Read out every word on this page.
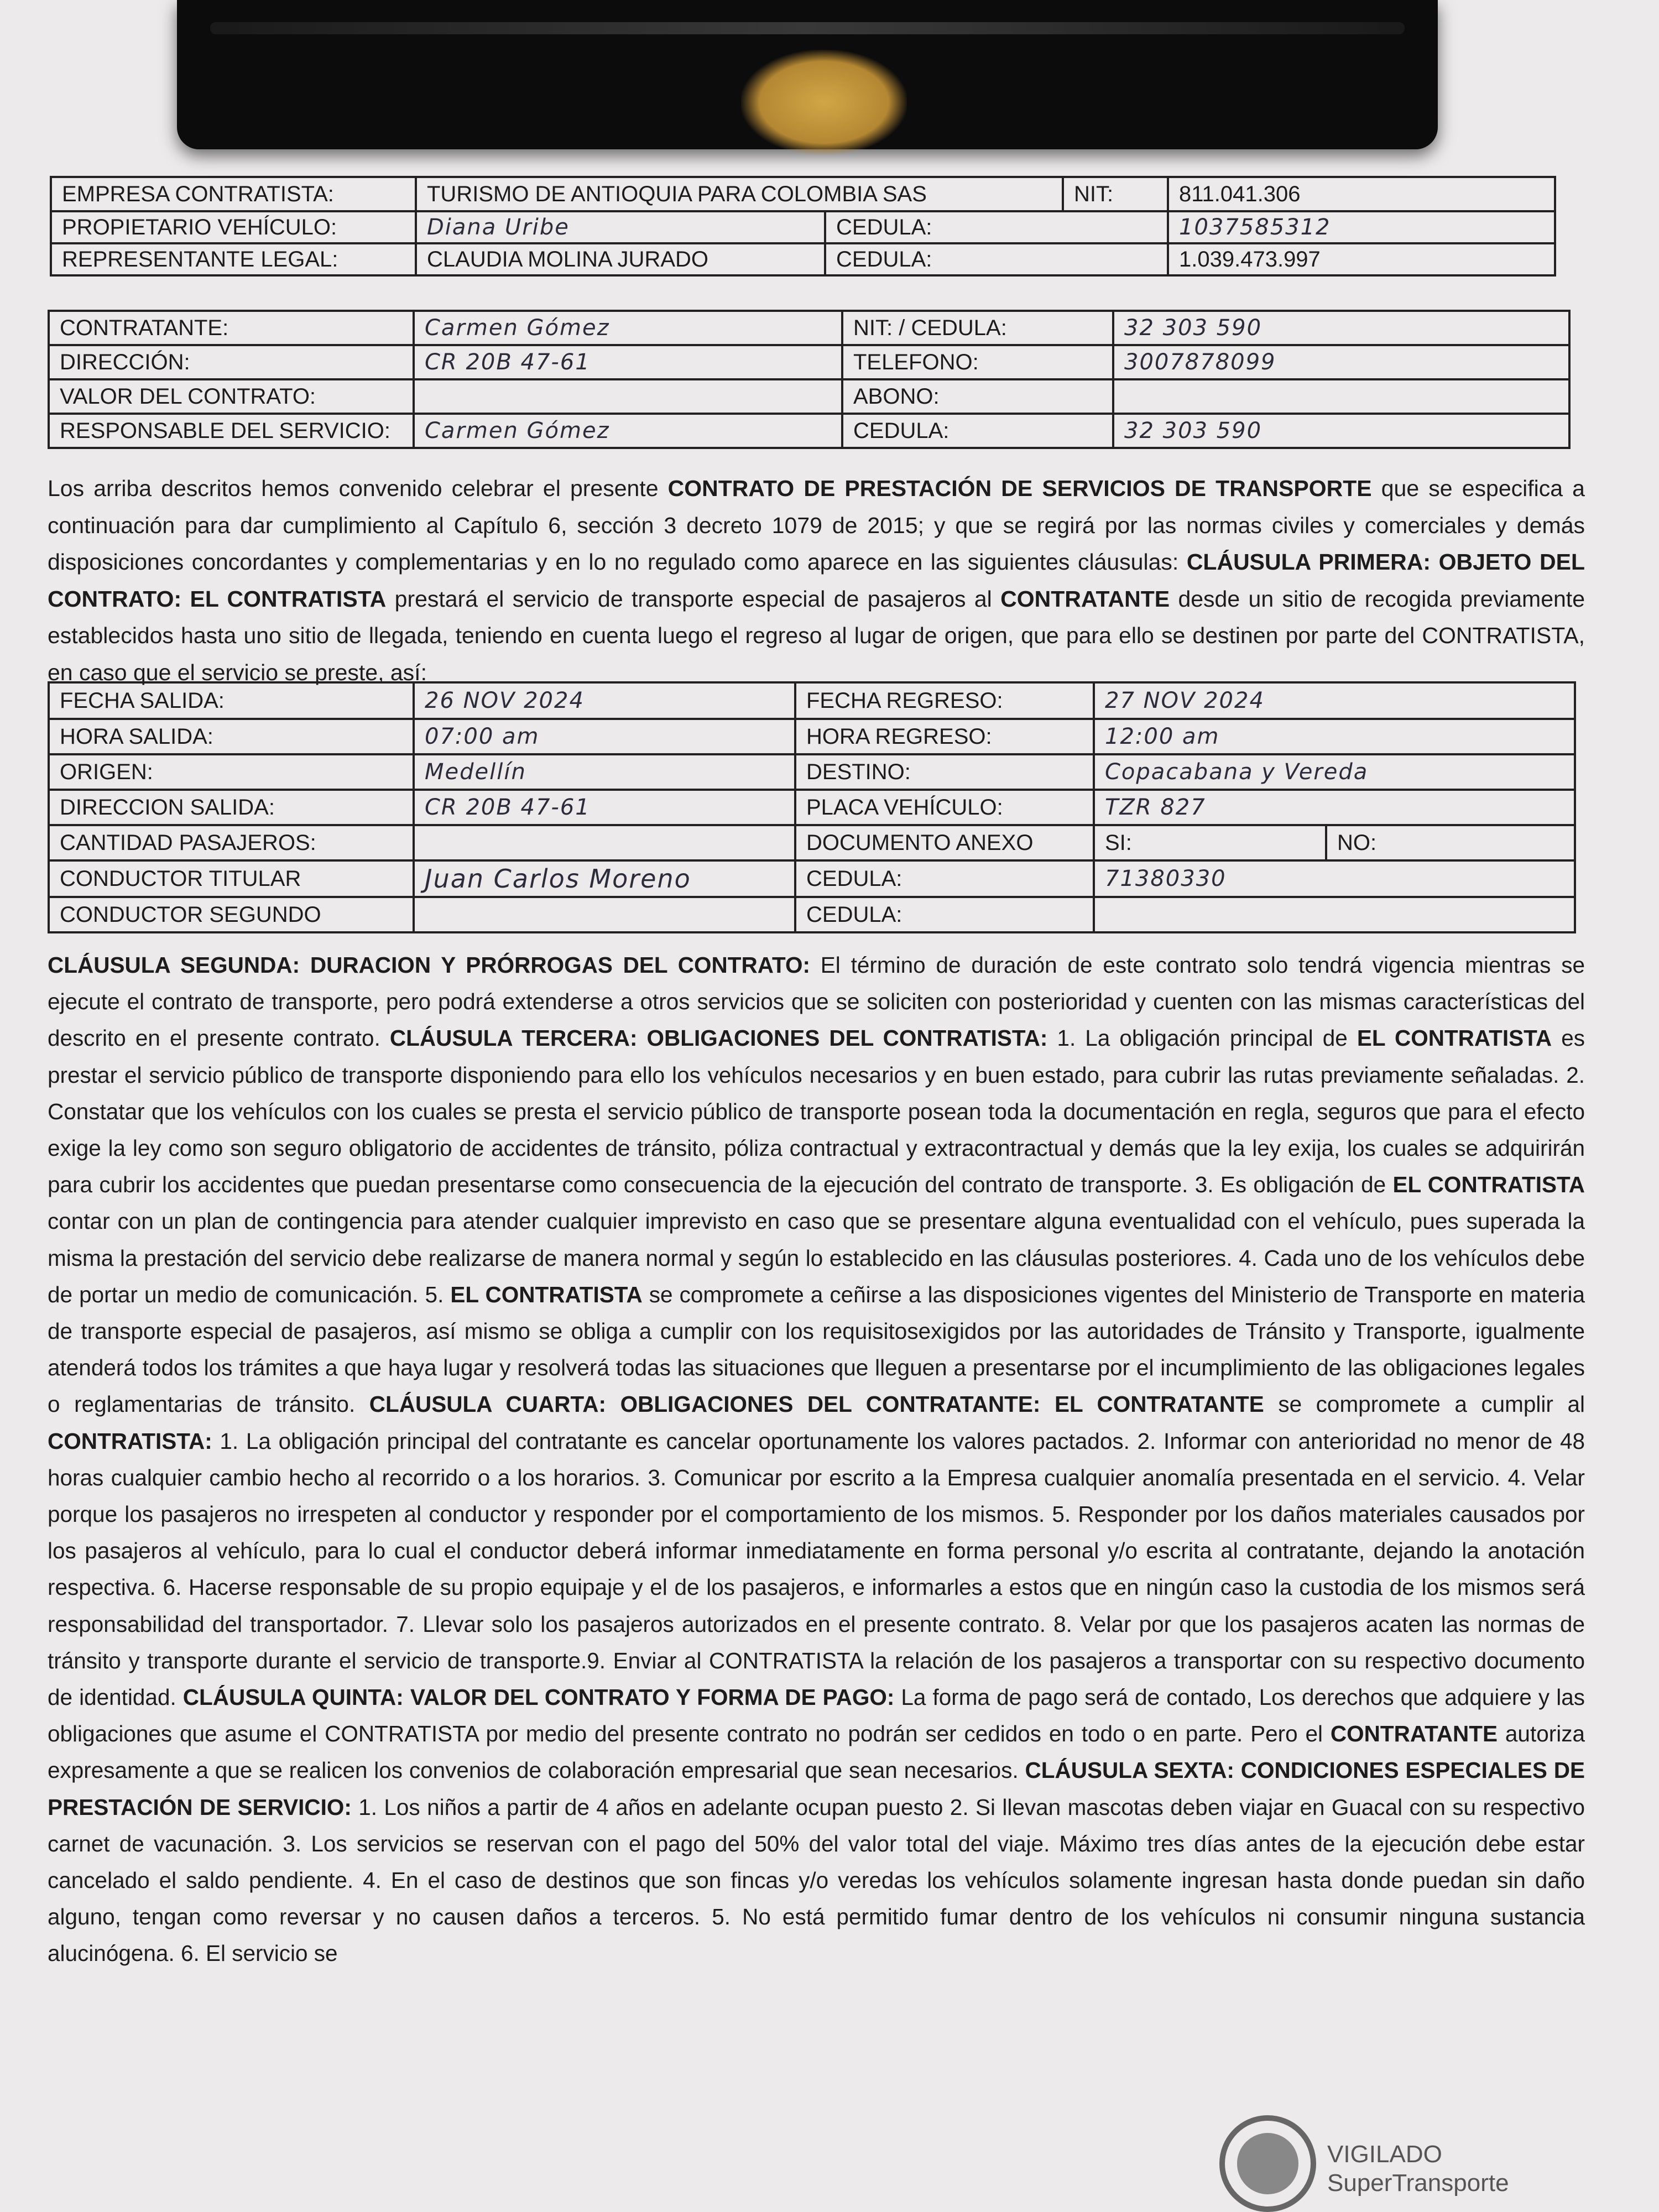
EMPRESA CONTRATISTA:	TURISMO DE ANTIOQUIA PARA COLOMBIA SAS		NIT:	811.041.306
PROPIETARIO VEHÍCULO:	Diana Uribe	CEDULA:		1037585312
REPRESENTANTE LEGAL:	CLAUDIA MOLINA JURADO	CEDULA:		1.039.473.997
CONTRATANTE:	Carmen Gómez	NIT: / CEDULA:	32 303 590
DIRECCIÓN:	CR 20B 47-61	TELEFONO:	3007878099
VALOR DEL CONTRATO:		ABONO:	
RESPONSABLE DEL SERVICIO:	Carmen Gómez	CEDULA:	32 303 590
Los arriba descritos hemos convenido celebrar el presente CONTRATO DE PRESTACIÓN DE SERVICIOS DE TRANSPORTE que se especifica a continuación para dar cumplimiento al Capítulo 6, sección 3 decreto 1079 de 2015; y que se regirá por las normas civiles y comerciales y demás disposiciones concordantes y complementarias y en lo no regulado como aparece en las siguientes cláusulas: CLÁUSULA PRIMERA: OBJETO DEL CONTRATO: EL CONTRATISTA prestará el servicio de transporte especial de pasajeros al CONTRATANTE desde un sitio de recogida previamente establecidos hasta uno sitio de llegada, teniendo en cuenta luego el regreso al lugar de origen, que para ello se destinen por parte del CONTRATISTA, en caso que el servicio se preste, así:
FECHA SALIDA:	26 NOV 2024	FECHA REGRESO:	27 NOV 2024	
HORA SALIDA:	07:00 am	HORA REGRESO:	12:00 am	
ORIGEN:	Medellín	DESTINO:	Copacabana y Vereda	
DIRECCION SALIDA:	CR 20B 47-61	PLACA VEHÍCULO:	TZR 827	
CANTIDAD PASAJEROS:		DOCUMENTO ANEXO	SI:	NO:
CONDUCTOR TITULAR	Juan Carlos Moreno	CEDULA:	71380330	
CONDUCTOR SEGUNDO		CEDULA:		
CLÁUSULA SEGUNDA: DURACION Y PRÓRROGAS DEL CONTRATO: El término de duración de este contrato solo tendrá vigencia mientras se ejecute el contrato de transporte, pero podrá extenderse a otros servicios que se soliciten con posterioridad y cuenten con las mismas características del descrito en el presente contrato. CLÁUSULA TERCERA: OBLIGACIONES DEL CONTRATISTA: 1. La obligación principal de EL CONTRATISTA es prestar el servicio público de transporte disponiendo para ello los vehículos necesarios y en buen estado, para cubrir las rutas previamente señaladas. 2. Constatar que los vehículos con los cuales se presta el servicio público de transporte posean toda la documentación en regla, seguros que para el efecto exige la ley como son seguro obligatorio de accidentes de tránsito, póliza contractual y extracontractual y demás que la ley exija, los cuales se adquirirán para cubrir los accidentes que puedan presentarse como consecuencia de la ejecución del contrato de transporte. 3. Es obligación de EL CONTRATISTA contar con un plan de contingencia para atender cualquier imprevisto en caso que se presentare alguna eventualidad con el vehículo, pues superada la misma la prestación del servicio debe realizarse de manera normal y según lo establecido en las cláusulas posteriores. 4. Cada uno de los vehículos debe de portar un medio de comunicación. 5. EL CONTRATISTA se compromete a ceñirse a las disposiciones vigentes del Ministerio de Transporte en materia de transporte especial de pasajeros, así mismo se obliga a cumplir con los requisitosexigidos por las autoridades de Tránsito y Transporte, igualmente atenderá todos los trámites a que haya lugar y resolverá todas las situaciones que lleguen a presentarse por el incumplimiento de las obligaciones legales o reglamentarias de tránsito. CLÁUSULA CUARTA: OBLIGACIONES DEL CONTRATANTE: EL CONTRATANTE se compromete a cumplir al CONTRATISTA: 1. La obligación principal del contratante es cancelar oportunamente los valores pactados. 2. Informar con anterioridad no menor de 48 horas cualquier cambio hecho al recorrido o a los horarios. 3. Comunicar por escrito a la Empresa cualquier anomalía presentada en el servicio. 4. Velar porque los pasajeros no irrespeten al conductor y responder por el comportamiento de los mismos. 5. Responder por los daños materiales causados por los pasajeros al vehículo, para lo cual el conductor deberá informar inmediatamente en forma personal y/o escrita al contratante, dejando la anotación respectiva. 6. Hacerse responsable de su propio equipaje y el de los pasajeros, e informarles a estos que en ningún caso la custodia de los mismos será responsabilidad del transportador. 7. Llevar solo los pasajeros autorizados en el presente contrato. 8. Velar por que los pasajeros acaten las normas de tránsito y transporte durante el servicio de transporte.9. Enviar al CONTRATISTA la relación de los pasajeros a transportar con su respectivo documento de identidad. CLÁUSULA QUINTA: VALOR DEL CONTRATO Y FORMA DE PAGO: La forma de pago será de contado, Los derechos que adquiere y las obligaciones que asume el CONTRATISTA por medio del presente contrato no podrán ser cedidos en todo o en parte. Pero el CONTRATANTE autoriza expresamente a que se realicen los convenios de colaboración empresarial que sean necesarios. CLÁUSULA SEXTA: CONDICIONES ESPECIALES DE PRESTACIÓN DE SERVICIO: 1. Los niños a partir de 4 años en adelante ocupan puesto 2. Si llevan mascotas deben viajar en Guacal con su respectivo carnet de vacunación. 3. Los servicios se reservan con el pago del 50% del valor total del viaje. Máximo tres días antes de la ejecución debe estar cancelado el saldo pendiente. 4. En el caso de destinos que son fincas y/o veredas los vehículos solamente ingresan hasta donde puedan sin daño alguno, tengan como reversar y no causen daños a terceros. 5. No está permitido fumar dentro de los vehículos ni consumir ninguna sustancia alucinógena. 6. El servicio se
VIGILADO
SuperTransporte
